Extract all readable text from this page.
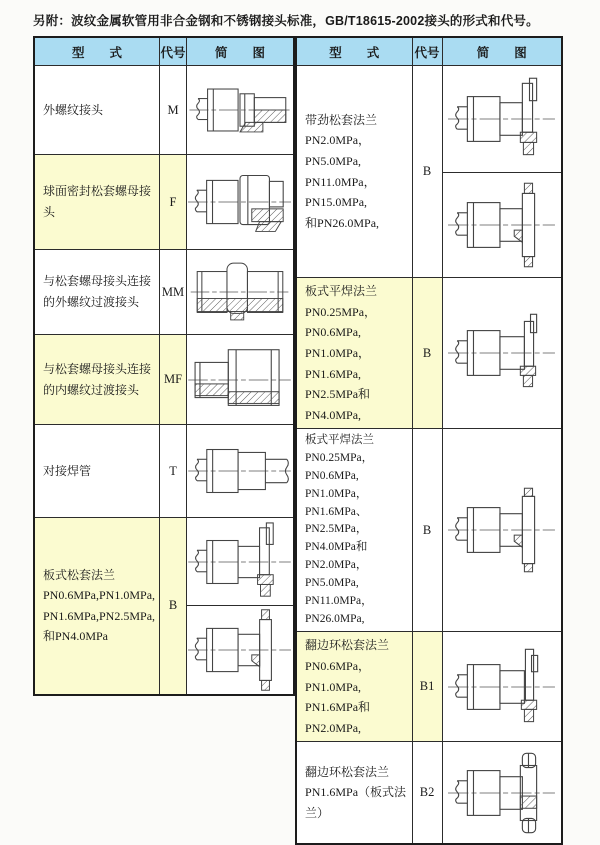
另附：波纹金属软管用非合金钢和不锈钢接头标准，GB/T18615-2002接头的形式和代号。
型　　式	代号	简　　图
外螺纹接头	M	

球面密封松套螺母接头	F	

与松套螺母接头连接的外螺纹过渡接头	MM	

与松套螺母接头连接的内螺纹过渡接头	MF	

对接焊管	T	

板式松套法兰
PN0.6MPa,PN1.0MPa,
PN1.6MPa,PN2.5MPa,
和PN4.0MPa	B	

型　　式	代号	简　　图
带劲松套法兰
PN2.0MPa，PN5.0MPa,
PN11.0MPa，PN15.0MPa,
和PN26.0MPa,	B	

板式平焊法兰
PN0.25MPa，PN0.6MPa,
PN1.0MPa，PN1.6MPa,
PN2.5MPa和PN4.0MPa,	B	

板式平焊法兰
PN0.25MPa，PN0.6MPa,
PN1.0MPa，PN1.6MPa、
PN2.5MPa，PN4.0MPa和
PN2.0MPa，PN5.0MPa,
PN11.0MPa，PN26.0MPa,	B	

翻边环松套法兰
PN0.6MPa，PN1.0MPa,
PN1.6MPa和PN2.0MPa,	B1	

翻边环松套法兰
PN1.6MPa（板式法兰）	B2	
